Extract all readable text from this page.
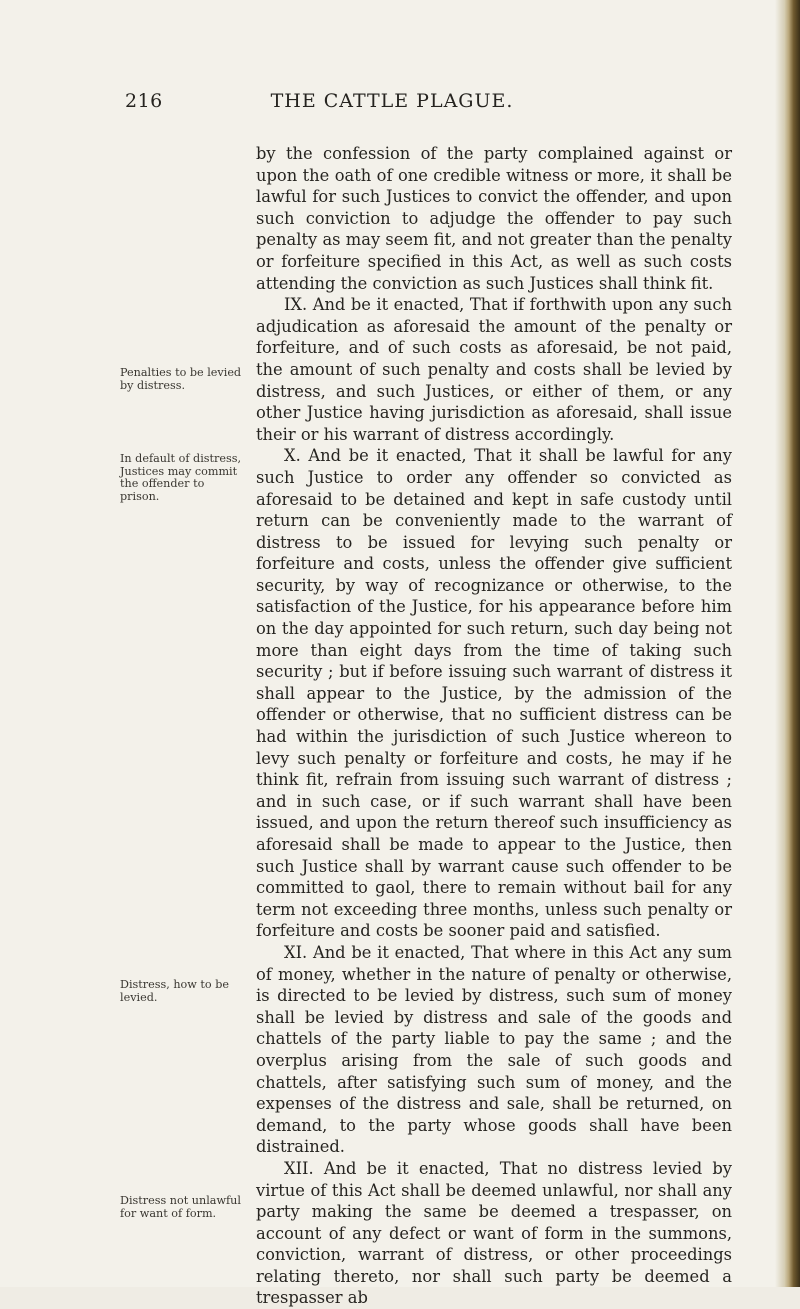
216	THE CATTLE PLAGUE.
Penalties to be levied by distress.
In default of distress, Justices may commit the offender to prison.
Distress, how to be levied.
Distress not unlawful for want of form.

by the confession of the party complained against or upon the oath of one credible witness or more, it shall be lawful for such Justices to convict the offender, and upon such conviction to adjudge the offender to pay such penalty as may seem fit, and not greater than the penalty or forfeiture specified in this Act, as well as such costs attending the conviction as such Justices shall think fit.

IX. And be it enacted, That if forthwith upon any such adjudication as aforesaid the amount of the penalty or forfeiture, and of such costs as aforesaid, be not paid, the amount of such penalty and costs shall be levied by distress, and such Justices, or either of them, or any other Justice having jurisdiction as aforesaid, shall issue their or his warrant of distress accordingly.

X. And be it enacted, That it shall be lawful for any such Justice to order any offender so convicted as aforesaid to be detained and kept in safe custody until return can be conveniently made to the warrant of distress to be issued for levying such penalty or forfeiture and costs, unless the offender give sufficient security, by way of recognizance or otherwise, to the satisfaction of the Justice, for his appearance before him on the day appointed for such return, such day being not more than eight days from the time of taking such security ; but if before issuing such warrant of distress it shall appear to the Justice, by the admission of the offender or otherwise, that no sufficient distress can be had within the jurisdiction of such Justice whereon to levy such penalty or forfeiture and costs, he may if he think fit, refrain from issuing such warrant of distress ; and in such case, or if such warrant shall have been issued, and upon the return thereof such insufficiency as aforesaid shall be made to appear to the Justice, then such Justice shall by warrant cause such offender to be committed to gaol, there to remain without bail for any term not exceeding three months, unless such penalty or forfeiture and costs be sooner paid and satisfied.

XI. And be it enacted, That where in this Act any sum of money, whether in the nature of penalty or otherwise, is directed to be levied by distress, such sum of money shall be levied by distress and sale of the goods and chattels of the party liable to pay the same ; and the overplus arising from the sale of such goods and chattels, after satisfying such sum of money, and the expenses of the distress and sale, shall be returned, on demand, to the party whose goods shall have been distrained.

XII. And be it enacted, That no distress levied by virtue of this Act shall be deemed unlawful, nor shall any party making the same be deemed a trespasser, on account of any defect or want of form in the summons, conviction, warrant of distress, or other proceedings relating thereto, nor shall such party be deemed a trespasser ab
